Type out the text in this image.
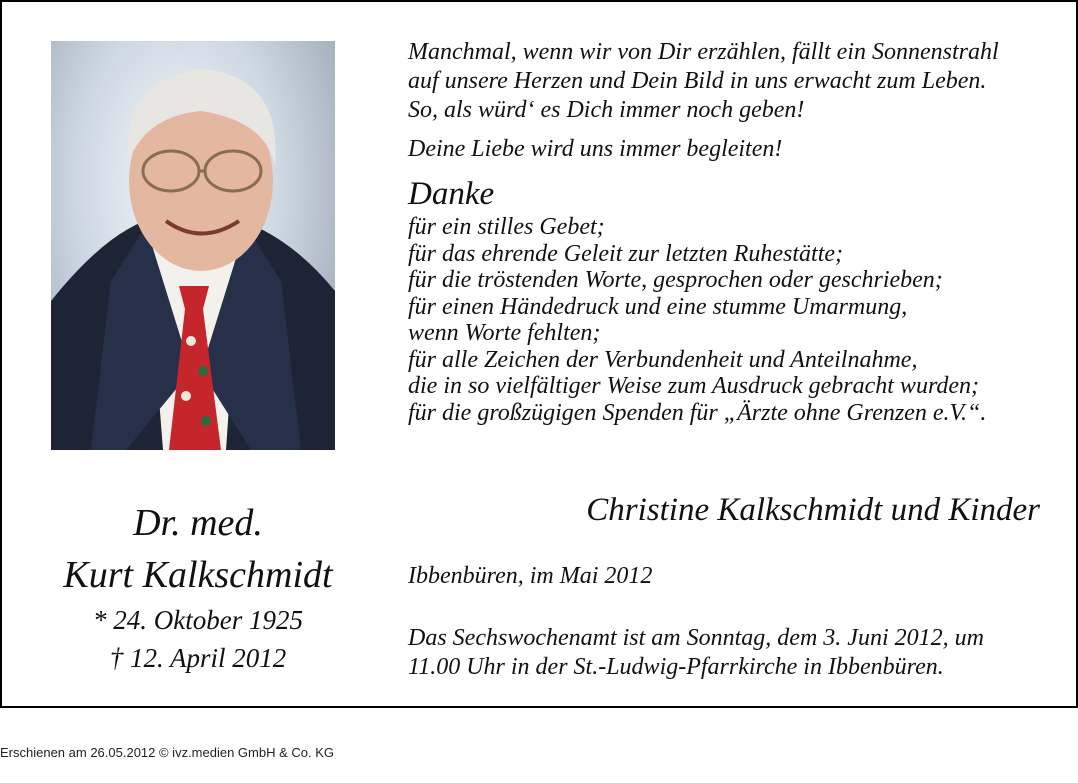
Dr. med.
Kurt Kalkschmidt
* 24. Oktober 1925
† 12. April 2012
Manchmal, wenn wir von Dir erzählen, fällt ein Sonnenstrahl
auf unsere Herzen und Dein Bild in uns erwacht zum Leben.
So, als würd‘ es Dich immer noch geben!
Deine Liebe wird uns immer begleiten!
Danke
für ein stilles Gebet;
für das ehrende Geleit zur letzten Ruhestätte;
für die tröstenden Worte, gesprochen oder geschrieben;
für einen Händedruck und eine stumme Umarmung,
wenn Worte fehlten;
für alle Zeichen der Verbundenheit und Anteilnahme,
die in so vielfältiger Weise zum Ausdruck gebracht wurden;
für die großzügigen Spenden für „Ärzte ohne Grenzen e.V.“.
Christine Kalkschmidt und Kinder
Ibbenbüren, im Mai 2012
Das Sechswochenamt ist am Sonntag, dem 3. Juni 2012, um
11.00 Uhr in der St.-Ludwig-Pfarrkirche in Ibbenbüren.
Erschienen am 26.05.2012 © ivz.medien GmbH & Co. KG
